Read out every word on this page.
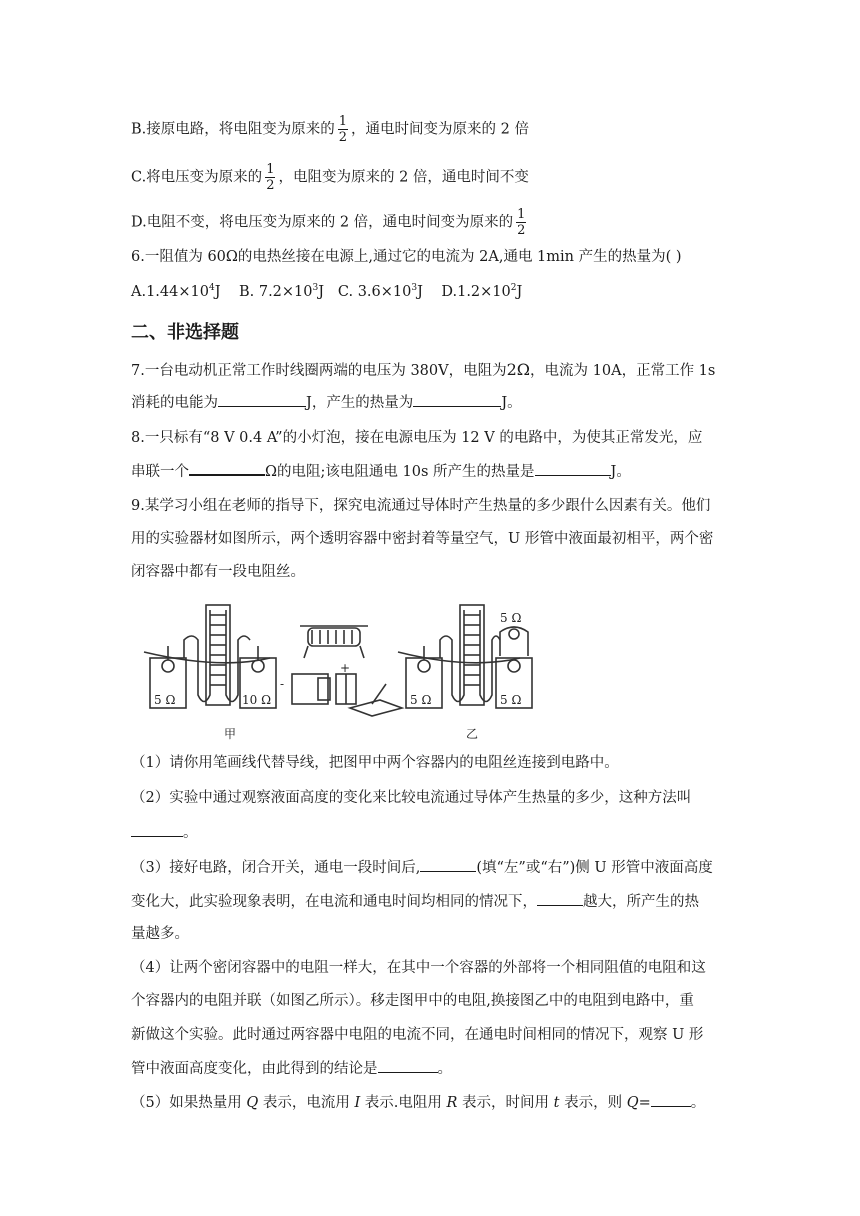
B.接原电路，将电阻变为原来的 $\frac{1}{2}$ ，通电时间变为原来的 2 倍
C.将电压变为原来的 $\frac{1}{2}$ ，电阻变为原来的 2 倍，通电时间不变
D.电阻不变，将电压变为原来的 2 倍，通电时间变为原来的 $\frac{1}{2}$
6.一阻值为 60Ω的电热丝接在电源上,通过它的电流为 2A,通电 1min 产生的热量为( )
$A.1.44\times 10^4J$ B. $7.2\times 10^3J$ C. $3.6\times 10^3J$ $D.1.2\times 10^2J$
二、非选择题
7.一台电动机正常工作时线圈两端的电压为 380V，电阻为2Ω，电流为 10A，正常工作 1s
消耗的电能为	J，产生的热量为	J。
8.一只标有“8 V 0.4 A”的小灯泡，接在电源电压为 12 V 的电路中，为使其正常发光，应
串联一个	Ω的电阻;该电阻通电 10s 所产生的热量是	J。
9.某学习小组在老师的指导下，探究电流通过导体时产生热量的多少跟什么因素有关。他们
用的实验器材如图所示，两个透明容器中密封着等量空气，U 形管中液面最初相平，两个密
闭容器中都有一段电阻丝。
5 Ω	10 Ω
甲
-
+
5 Ω	5 Ω
5 Ω
乙
（1）请你用笔画线代替导线，把图甲中两个容器内的电阻丝连接到电路中。
（2）实验中通过观察液面高度的变化来比较电流通过导体产生热量的多少，这种方法叫
。
（3）接好电路，闭合开关，通电一段时间后,	(填“左”或“右”)侧 U 形管中液面高度
变化大，此实验现象表明，在电流和通电时间均相同的情况下，	越大，所产生的热
量越多。
（4）让两个密闭容器中的电阻一样大，在其中一个容器的外部将一个相同阻值的电阻和这
个容器内的电阻并联（如图乙所示）。移走图甲中的电阻,换接图乙中的电阻到电路中，重
新做这个实验。此时通过两容器中电阻的电流不同，在通电时间相同的情况下，观察 U 形
管中液面高度变化，由此得到的结论是	。
（5）如果热量用 Q 表示，电流用 I 表示.电阻用 R 表示，时间用 t 表示，则 Q=	。
